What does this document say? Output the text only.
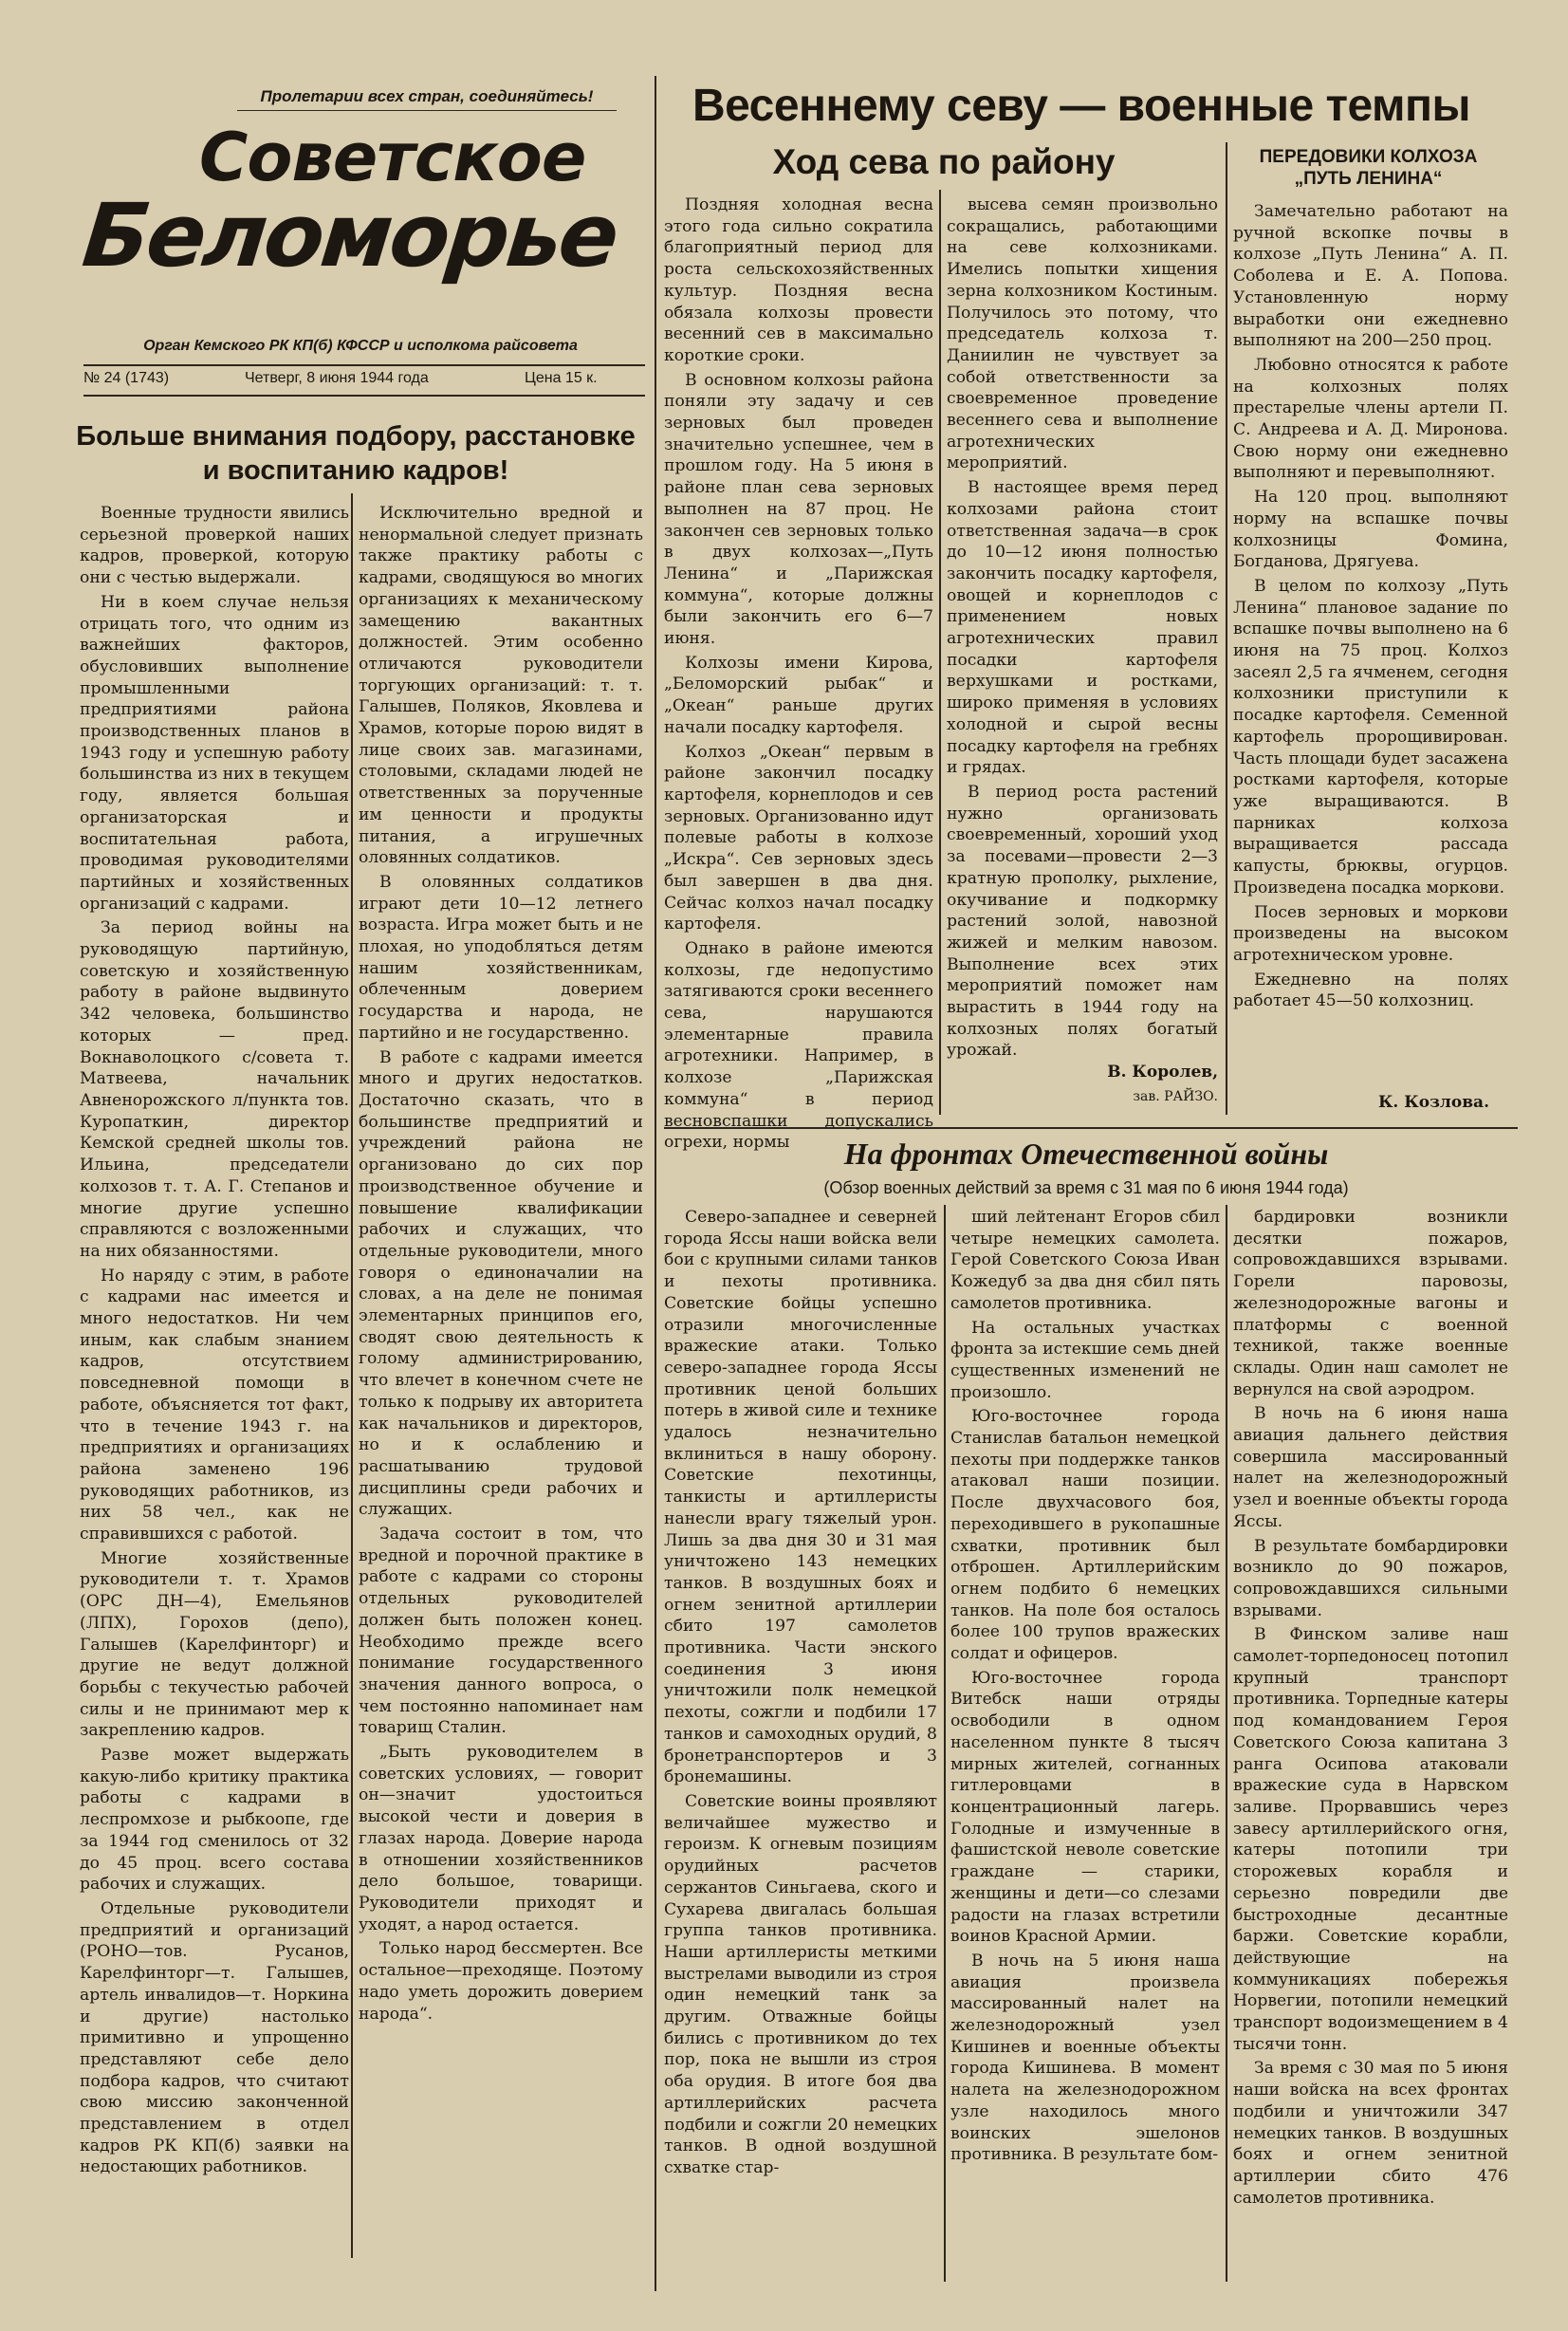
Пролетарии всех стран, соединяйтесь!
Советское
Беломорье
Орган Кемского РК КП(б) КФССР и исполкома райсовета
№ 24 (1743)	Четверг, 8 июня 1944 года	Цена 15 к.
Весеннему севу — военные темпы
Больше внимания подбору, расстановке и воспитанию кадров!

Военные трудности явились серьезной проверкой наших кадров, проверкой, которую они с честью выдержали.

Ни в коем случае нельзя отрицать того, что одним из важнейших факторов, обусловивших выполнение промышленными предприятиями района производственных планов в 1943 году и успешную работу большинства из них в текущем году, является большая организаторская и воспитательная работа, проводимая руководителями партийных и хозяйственных организаций с кадрами.

За период войны на руководящую партийную, советскую и хозяйственную работу в районе выдвинуто 342 человека, большинство которых — пред. Вокнаволоцкого с/совета т. Матвеева, начальник Авненорожского л/пункта тов. Куропаткин, директор Кемской средней школы тов. Ильина, председатели колхозов т. т. А. Г. Степанов и многие другие успешно справляются с возложенными на них обязанностями.

Но наряду с этим, в работе с кадрами нас имеется и много недостатков. Ни чем иным, как слабым знанием кадров, отсутствием повседневной помощи в работе, объясняется тот факт, что в течение 1943 г. на предприятиях и организациях района заменено 196 руководящих работников, из них 58 чел., как не справившихся с работой.

Многие хозяйственные руководители т. т. Храмов (ОРС ДН—4), Емельянов (ЛПХ), Горохов (депо), Галышев (Карелфинторг) и другие не ведут должной борьбы с текучестью рабочей силы и не принимают мер к закреплению кадров.

Разве может выдержать какую-либо критику практика работы с кадрами в леспромхозе и рыбкоопе, где за 1944 год сменилось от 32 до 45 проц. всего состава рабочих и служащих.

Отдельные руководители предприятий и организаций (РОНО—тов. Русанов, Карелфинторг—т. Галышев, артель инвалидов—т. Норкина и другие) настолько примитивно и упрощенно представляют себе дело подбора кадров, что считают свою миссию законченной представлением в отдел кадров РК КП(б) заявки на недостающих работников.

Исключительно вредной и ненормальной следует признать также практику работы с кадрами, сводящуюся во многих организациях к механическому замещению вакантных должностей. Этим особенно отличаются руководители торгующих организаций: т. т. Галышев, Поляков, Яковлева и Храмов, которые порою видят в лице своих зав. магазинами, столовыми, складами людей не ответственных за порученные им ценности и продукты питания, а игрушечных оловянных солдатиков.

В оловянных солдатиков играют дети 10—12 летнего возраста. Игра может быть и не плохая, но уподобляться детям нашим хозяйственникам, облеченным доверием государства и народа, не партийно и не государственно.

В работе с кадрами имеется много и других недостатков. Достаточно сказать, что в большинстве предприятий и учреждений района не организовано до сих пор производственное обучение и повышение квалификации рабочих и служащих, что отдельные руководители, много говоря о единоначалии на словах, а на деле не понимая элементарных принципов его, сводят свою деятельность к голому администрированию, что влечет в конечном счете не только к подрыву их авторитета как начальников и директоров, но и к ослаблению и расшатыванию трудовой дисциплины среди рабочих и служащих.

Задача состоит в том, что вредной и порочной практике в работе с кадрами со стороны отдельных руководителей должен быть положен конец. Необходимо прежде всего понимание государственного значения данного вопроса, о чем постоянно напоминает нам товарищ Сталин.

„Быть руководителем в советских условиях, — говорит он—значит удостоиться высокой чести и доверия в глазах народа. Доверие народа в отношении хозяйственников дело большое, товарищи. Руководители приходят и уходят, а народ остается.

Только народ бессмертен. Все остальное—преходяще. Поэтому надо уметь дорожить доверием народа“.

Ход сева по району

Поздняя холодная весна этого года сильно сократила благоприятный период для роста сельскохозяйственных культур. Поздняя весна обязала колхозы провести весенний сев в максимально короткие сроки.

В основном колхозы района поняли эту задачу и сев зерновых был проведен значительно успешнее, чем в прошлом году. На 5 июня в районе план сева зерновых выполнен на 87 проц. Не закончен сев зерновых только в двух колхозах—„Путь Ленина“ и „Парижская коммуна“, которые должны были закончить его 6—7 июня.

Колхозы имени Кирова, „Беломорский рыбак“ и „Океан“ раньше других начали посадку картофеля.

Колхоз „Океан“ первым в районе закончил посадку картофеля, корнеплодов и сев зерновых. Организованно идут полевые работы в колхозе „Искра“. Сев зерновых здесь был завершен в два дня. Сейчас колхоз начал посадку картофеля.

Однако в районе имеются колхозы, где недопустимо затягиваются сроки весеннего сева, нарушаются элементарные правила агротехники. Например, в колхозе „Парижская коммуна“ в период весновспашки допускались огрехи, нормы

высева семян произвольно сокращались, работающими на севе колхозниками. Имелись попытки хищения зерна колхозником Костиным. Получилось это потому, что председатель колхоза т. Даниилин не чувствует за собой ответственности за своевременное проведение весеннего сева и выполнение агротехнических мероприятий.

В настоящее время перед колхозами района стоит ответственная задача—в срок до 10—12 июня полностью закончить посадку картофеля, овощей и корнеплодов с применением новых агротехнических правил посадки картофеля верхушками и ростками, широко применяя в условиях холодной и сырой весны посадку картофеля на гребнях и грядах.

В период роста растений нужно организовать своевременный, хороший уход за посевами—провести 2—3 кратную прополку, рыхление, окучивание и подкормку растений золой, навозной жижей и мелким навозом. Выполнение всех этих мероприятий поможет нам вырастить в 1944 году на колхозных полях богатый урожай.

В. Королев,
зав. РАЙЗО.
ПЕРЕДОВИКИ КОЛХОЗА „ПУТЬ ЛЕНИНА“

Замечательно работают на ручной вскопке почвы в колхозе „Путь Ленина“ А. П. Соболева и Е. А. Попова. Установленную норму выработки они ежедневно выполняют на 200—250 проц.

Любовно относятся к работе на колхозных полях престарелые члены артели П. С. Андреева и А. Д. Миронова. Свою норму они ежедневно выполняют и перевыполняют.

На 120 проц. выполняют норму на вспашке почвы колхозницы Фомина, Богданова, Дрягуева.

В целом по колхозу „Путь Ленина“ плановое задание по вспашке почвы выполнено на 6 июня на 75 проц. Колхоз засеял 2,5 га ячменем, сегодня колхозники приступили к посадке картофеля. Семенной картофель пророщивирован. Часть площади будет засажена ростками картофеля, которые уже выращиваются. В парниках колхоза выращивается рассада капусты, брюквы, огурцов. Произведена посадка моркови.

Посев зерновых и моркови произведены на высоком агротехническом уровне.

Ежедневно на полях работает 45—50 колхозниц.

К. Козлова.
На фронтах Отечественной войны
(Обзор военных действий за время с 31 мая по 6 июня 1944 года)

Северо-западнее и северней города Яссы наши войска вели бои с крупными силами танков и пехоты противника. Советские бойцы успешно отразили многочисленные вражеские атаки. Только северо-западнее города Яссы противник ценой больших потерь в живой силе и технике удалось незначительно вклиниться в нашу оборону. Советские пехотинцы, танкисты и артиллеристы нанесли врагу тяжелый урон. Лишь за два дня 30 и 31 мая уничтожено 143 немецких танков. В воздушных боях и огнем зенитной артиллерии сбито 197 самолетов противника. Части энского соединения 3 июня уничтожили полк немецкой пехоты, сожгли и подбили 17 танков и самоходных орудий, 8 бронетранспортеров и 3 бронемашины.

Советские воины проявляют величайшее мужество и героизм. К огневым позициям орудийных расчетов сержантов Синьгаева, ского и Сухарева двигалась большая группа танков противника. Наши артиллеристы меткими выстрелами выводили из строя один немецкий танк за другим. Отважные бойцы бились с противником до тех пор, пока не вышли из строя оба орудия. В итоге боя два артиллерийских расчета подбили и сожгли 20 немецких танков. В одной воздушной схватке стар-

ший лейтенант Егоров сбил четыре немецких самолета. Герой Советского Союза Иван Кожедуб за два дня сбил пять самолетов противника.

На остальных участках фронта за истекшие семь дней существенных изменений не произошло.

Юго-восточнее города Станислав батальон немецкой пехоты при поддержке танков атаковал наши позиции. После двухчасового боя, переходившего в рукопашные схватки, противник был отброшен. Артиллерийским огнем подбито 6 немецких танков. На поле боя осталось более 100 трупов вражеских солдат и офицеров.

Юго-восточнее города Витебск наши отряды освободили в одном населенном пункте 8 тысяч мирных жителей, согнанных гитлеровцами в концентрационный лагерь. Голодные и измученные в фашистской неволе советские граждане — старики, женщины и дети—со слезами радости на глазах встретили воинов Красной Армии.

В ночь на 5 июня наша авиация произвела массированный налет на железнодорожный узел Кишинев и военные объекты города Кишинева. В момент налета на железнодорожном узле находилось много воинских эшелонов противника. В результате бом-

бардировки возникли десятки пожаров, сопровождавшихся взрывами. Горели паровозы, железнодорожные вагоны и платформы с военной техникой, также военные склады. Один наш самолет не вернулся на свой аэродром.

В ночь на 6 июня наша авиация дальнего действия совершила массированный налет на железнодорожный узел и военные объекты города Яссы.

В результате бомбардировки возникло до 90 пожаров, сопровождавшихся сильными взрывами.

В Финском заливе наш самолет-торпедоносец потопил крупный транспорт противника. Торпедные катеры под командованием Героя Советского Союза капитана 3 ранга Осипова атаковали вражеские суда в Нарвском заливе. Прорвавшись через завесу артиллерийского огня, катеры потопили три сторожевых корабля и серьезно повредили две быстроходные десантные баржи. Советские корабли, действующие на коммуникациях побережья Норвегии, потопили немецкий транспорт водоизмещением в 4 тысячи тонн.

За время с 30 мая по 5 июня наши войска на всех фронтах подбили и уничтожили 347 немецких танков. В воздушных боях и огнем зенитной артиллерии сбито 476 самолетов противника.
